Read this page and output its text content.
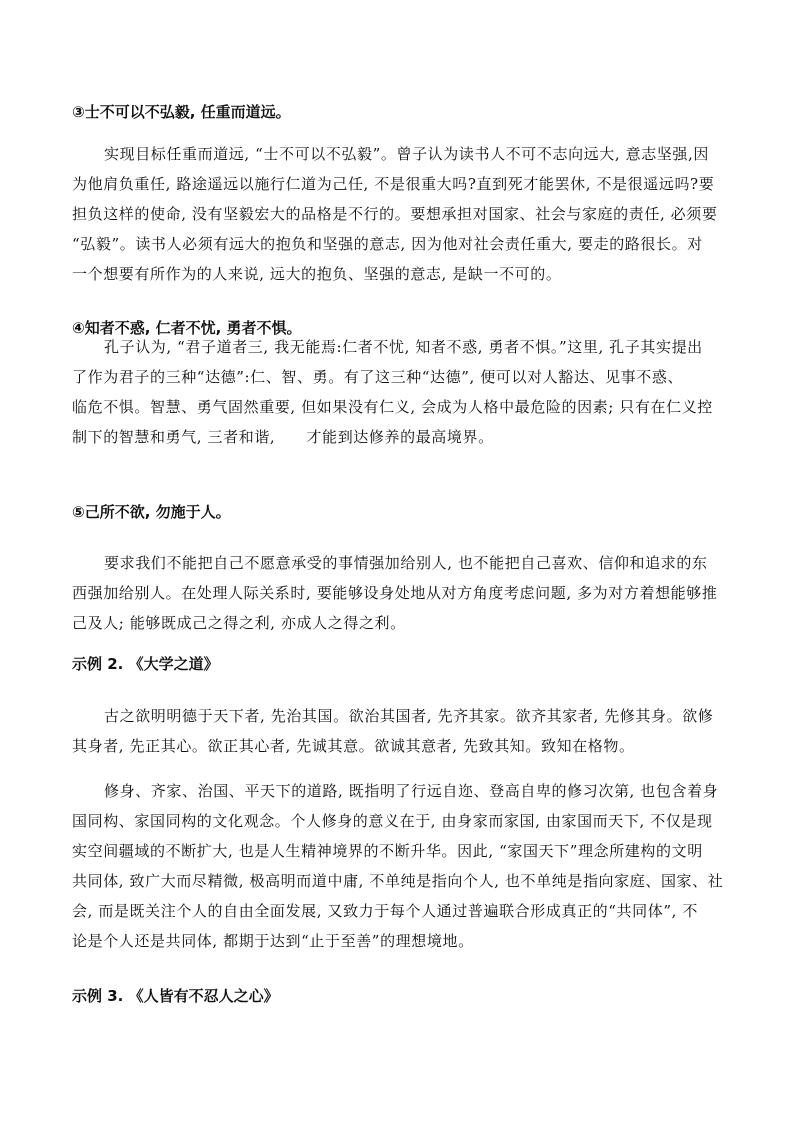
③士不可以不弘毅, 任重而道远。
实现目标任重而道远, “士不可以不弘毅”。曾子认为读书人不可不志向远大, 意志坚强,因
为他肩负重任, 路途遥远以施行仁道为己任, 不是很重大吗?直到死才能罢休, 不是很遥远吗?要
担负这样的使命, 没有坚毅宏大的品格是不行的。要想承担对国家、社会与家庭的责任, 必须要
“弘毅”。读书人必须有远大的抱负和坚强的意志, 因为他对社会责任重大, 要走的路很长。对
一个想要有所作为的人来说, 远大的抱负、坚强的意志, 是缺一不可的。
④知者不惑, 仁者不忧, 勇者不惧。
孔子认为, “君子道者三, 我无能焉:仁者不忧, 知者不惑, 勇者不惧。”这里, 孔子其实提出
了作为君子的三种“达德”:仁、智、勇。有了这三种“达德”, 便可以对人豁达、见事不惑、
临危不惧。智慧、勇气固然重要, 但如果没有仁义, 会成为人格中最危险的因素; 只有在仁义控
制下的智慧和勇气, 三者和谐,　　才能到达修养的最高境界。
⑤己所不欲, 勿施于人。
要求我们不能把自己不愿意承受的事情强加给别人, 也不能把自己喜欢、信仰和追求的东
西强加给别人。在处理人际关系时, 要能够设身处地从对方角度考虑问题, 多为对方着想能够推
己及人; 能够既成己之得之利, 亦成人之得之利。
示例 2. 《大学之道》
古之欲明明德于天下者, 先治其国。欲治其国者, 先齐其家。欲齐其家者, 先修其身。欲修
其身者, 先正其心。欲正其心者, 先诚其意。欲诚其意者, 先致其知。致知在格物。
修身、齐家、治国、平天下的道路, 既指明了行远自迩、登高自卑的修习次第, 也包含着身
国同构、家国同构的文化观念。个人修身的意义在于, 由身家而家国, 由家国而天下, 不仅是现
实空间疆域的不断扩大, 也是人生精神境界的不断升华。因此, “家国天下”理念所建构的文明
共同体, 致广大而尽精微, 极高明而道中庸, 不单纯是指向个人, 也不单纯是指向家庭、国家、社
会, 而是既关注个人的自由全面发展, 又致力于每个人通过普遍联合形成真正的“共同体”, 不
论是个人还是共同体, 都期于达到“止于至善”的理想境地。
示例 3. 《人皆有不忍人之心》
